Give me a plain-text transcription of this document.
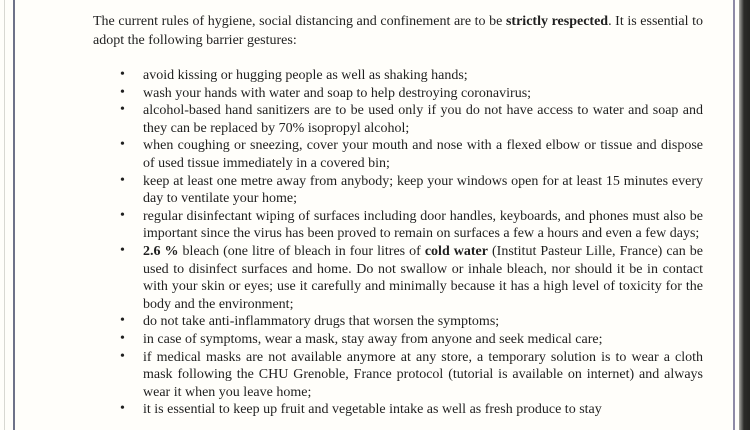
The current rules of hygiene, social distancing and confinement are to be strictly respected. It is essential to adopt the following barrier gestures:

• avoid kissing or hugging people as well as shaking hands;
• wash your hands with water and soap to help destroying coronavirus;
• alcohol-based hand sanitizers are to be used only if you do not have access to water and soap and they can be replaced by 70% isopropyl alcohol;
• when coughing or sneezing, cover your mouth and nose with a flexed elbow or tissue and dispose of used tissue immediately in a covered bin;
• keep at least one metre away from anybody; keep your windows open for at least 15 minutes every day to ventilate your home;
• regular disinfectant wiping of surfaces including door handles, keyboards, and phones must also be important since the virus has been proved to remain on surfaces a few a hours and even a few days;
• 2.6 % bleach (one litre of bleach in four litres of cold water (Institut Pasteur Lille, France) can be used to disinfect surfaces and home. Do not swallow or inhale bleach, nor should it be in contact with your skin or eyes; use it carefully and minimally because it has a high level of toxicity for the body and the environment;
• do not take anti-inflammatory drugs that worsen the symptoms;
• in case of symptoms, wear a mask, stay away from anyone and seek medical care;
• if medical masks are not available anymore at any store, a temporary solution is to wear a cloth mask following the CHU Grenoble, France protocol (tutorial is available on internet) and always wear it when you leave home;
• it is essential to keep up fruit and vegetable intake as well as fresh produce to stay
